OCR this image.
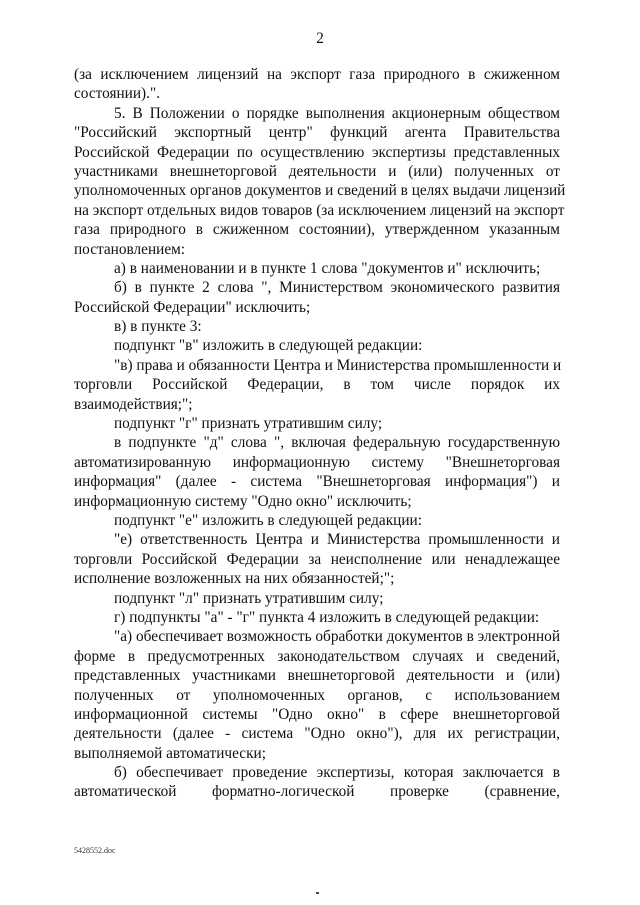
2
(за исключением лицензий на экспорт газа природного в сжиженном
состоянии).".
5. В Положении о порядке выполнения акционерным обществом
"Российский экспортный центр" функций агента Правительства
Российской Федерации по осуществлению экспертизы представленных
участниками внешнеторговой деятельности и (или) полученных от
уполномоченных органов документов и сведений в целях выдачи лицензий
на экспорт отдельных видов товаров (за исключением лицензий на экспорт
газа природного в сжиженном состоянии), утвержденном указанным
постановлением:
а) в наименовании и в пункте 1 слова "документов и" исключить;
б) в пункте 2 слова ", Министерством экономического развития
Российской Федерации" исключить;
в) в пункте 3:
подпункт "в" изложить в следующей редакции:
"в) права и обязанности Центра и Министерства промышленности и
торговли Российской Федерации, в том числе порядок их
взаимодействия;";
подпункт "г" признать утратившим силу;
в подпункте "д" слова ", включая федеральную государственную
автоматизированную информационную систему "Внешнеторговая
информация" (далее - система "Внешнеторговая информация") и
информационную систему "Одно окно" исключить;
подпункт "е" изложить в следующей редакции:
"е) ответственность Центра и Министерства промышленности и
торговли Российской Федерации за неисполнение или ненадлежащее
исполнение возложенных на них обязанностей;";
подпункт "л" признать утратившим силу;
г) подпункты "а" - "г" пункта 4 изложить в следующей редакции:
"а) обеспечивает возможность обработки документов в электронной
форме в предусмотренных законодательством случаях и сведений,
представленных участниками внешнеторговой деятельности и (или)
полученных от уполномоченных органов, с использованием
информационной системы "Одно окно" в сфере внешнеторговой
деятельности (далее - система "Одно окно"), для их регистрации,
выполняемой автоматически;
б) обеспечивает проведение экспертизы, которая заключается в
автоматической форматно-логической проверке (сравнение,
5428552.doc
